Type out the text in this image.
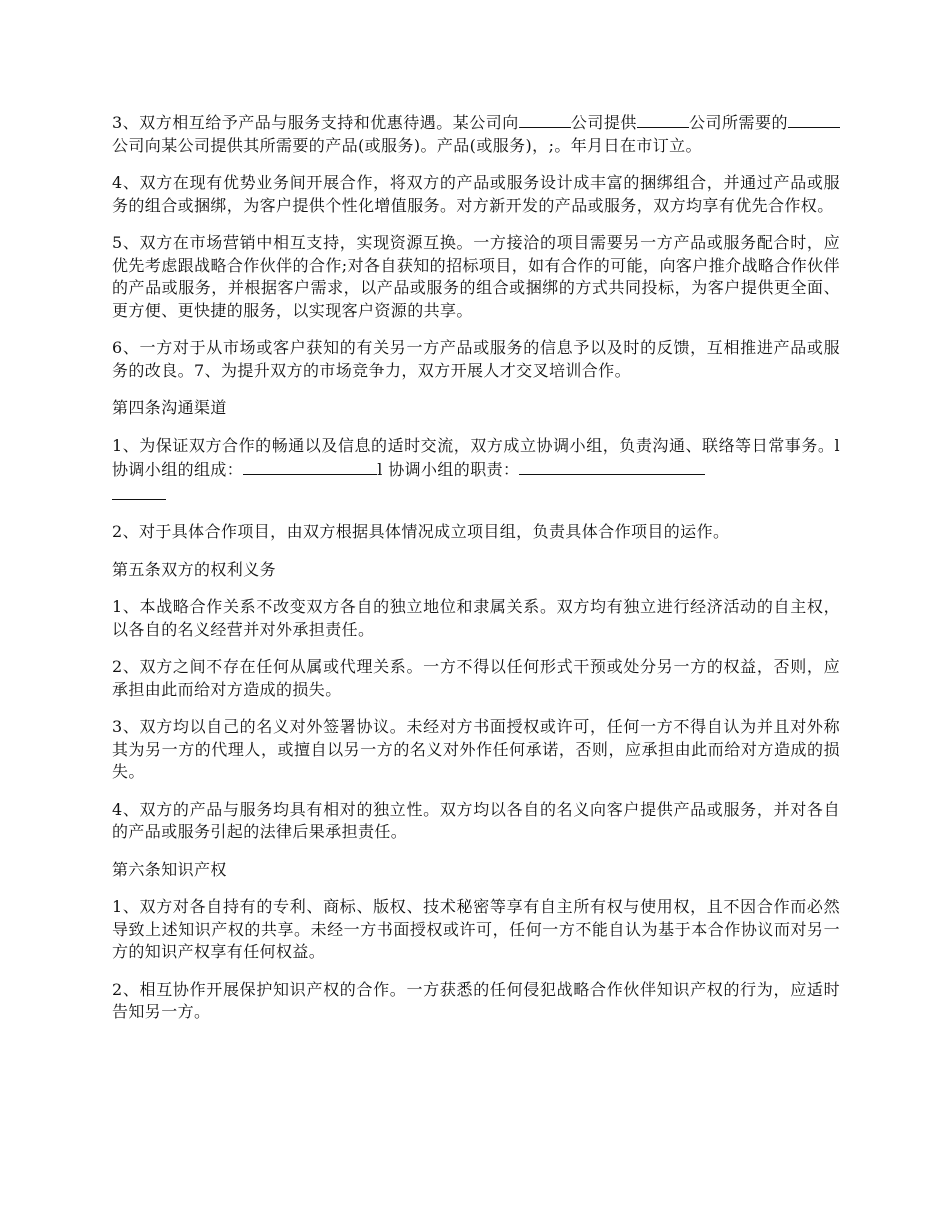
3、双方相互给予产品与服务支持和优惠待遇。某公司向	公司提供	公司所需要的公司向某公司提供其所需要的产品(或服务)。产品(或服务)，;。年月日在市订立。

4、双方在现有优势业务间开展合作，将双方的产品或服务设计成丰富的捆绑组合，并通过产品或服务的组合或捆绑，为客户提供个性化增值服务。对方新开发的产品或服务，双方均享有优先合作权。

5、双方在市场营销中相互支持，实现资源互换。一方接洽的项目需要另一方产品或服务配合时，应优先考虑跟战略合作伙伴的合作;对各自获知的招标项目，如有合作的可能，向客户推介战略合作伙伴的产品或服务，并根据客户需求，以产品或服务的组合或捆绑的方式共同投标，为客户提供更全面、更方便、更快捷的服务，以实现客户资源的共享。

6、一方对于从市场或客户获知的有关另一方产品或服务的信息予以及时的反馈，互相推进产品或服务的改良。7、为提升双方的市场竞争力，双方开展人才交叉培训合作。

第四条沟通渠道

1、为保证双方合作的畅通以及信息的适时交流，双方成立协调小组，负责沟通、联络等日常事务。l 协调小组的组成：	l 协调小组的职责：

2、对于具体合作项目，由双方根据具体情况成立项目组，负责具体合作项目的运作。

第五条双方的权利义务

1、本战略合作关系不改变双方各自的独立地位和隶属关系。双方均有独立进行经济活动的自主权，以各自的名义经营并对外承担责任。

2、双方之间不存在任何从属或代理关系。一方不得以任何形式干预或处分另一方的权益，否则，应承担由此而给对方造成的损失。

3、双方均以自己的名义对外签署协议。未经对方书面授权或许可，任何一方不得自认为并且对外称其为另一方的代理人，或擅自以另一方的名义对外作任何承诺，否则，应承担由此而给对方造成的损失。

4、双方的产品与服务均具有相对的独立性。双方均以各自的名义向客户提供产品或服务，并对各自的产品或服务引起的法律后果承担责任。

第六条知识产权

1、双方对各自持有的专利、商标、版权、技术秘密等享有自主所有权与使用权，且不因合作而必然导致上述知识产权的共享。未经一方书面授权或许可，任何一方不能自认为基于本合作协议而对另一方的知识产权享有任何权益。

2、相互协作开展保护知识产权的合作。一方获悉的任何侵犯战略合作伙伴知识产权的行为，应适时告知另一方。
